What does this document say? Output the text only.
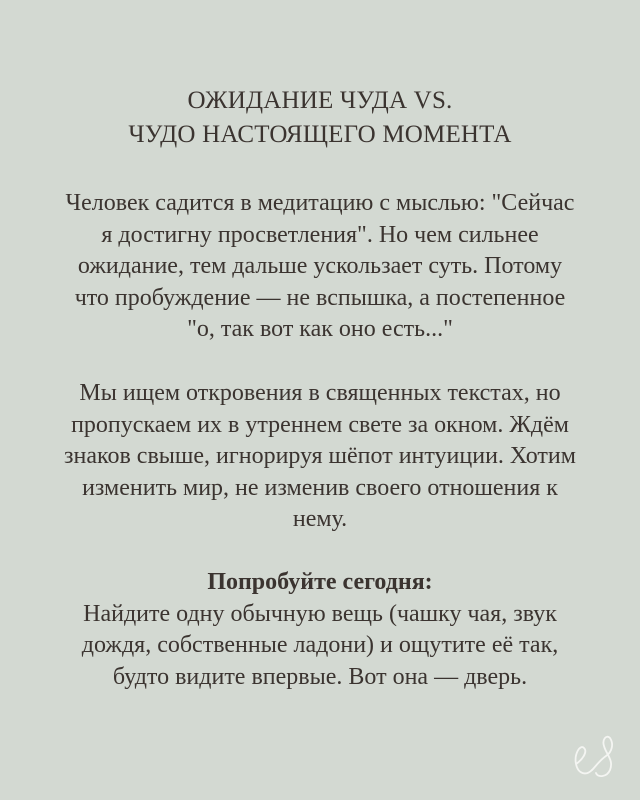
ОЖИДАНИЕ ЧУДА VS.
ЧУДО НАСТОЯЩЕГО МОМЕНТА

Человек садится в медитацию с мыслью: "Сейчас
я достигну просветления". Но чем сильнее
ожидание, тем дальше ускользает суть. Потому
что пробуждение — не вспышка, а постепенное
"о, так вот как оно есть..."

Мы ищем откровения в священных текстах, но
пропускаем их в утреннем свете за окном. Ждём
знаков свыше, игнорируя шёпот интуиции. Хотим
изменить мир, не изменив своего отношения к
нему.

Попробуйте сегодня:
Найдите одну обычную вещь (чашку чая, звук
дождя, собственные ладони) и ощутите её так,
будто видите впервые. Вот она — дверь.
